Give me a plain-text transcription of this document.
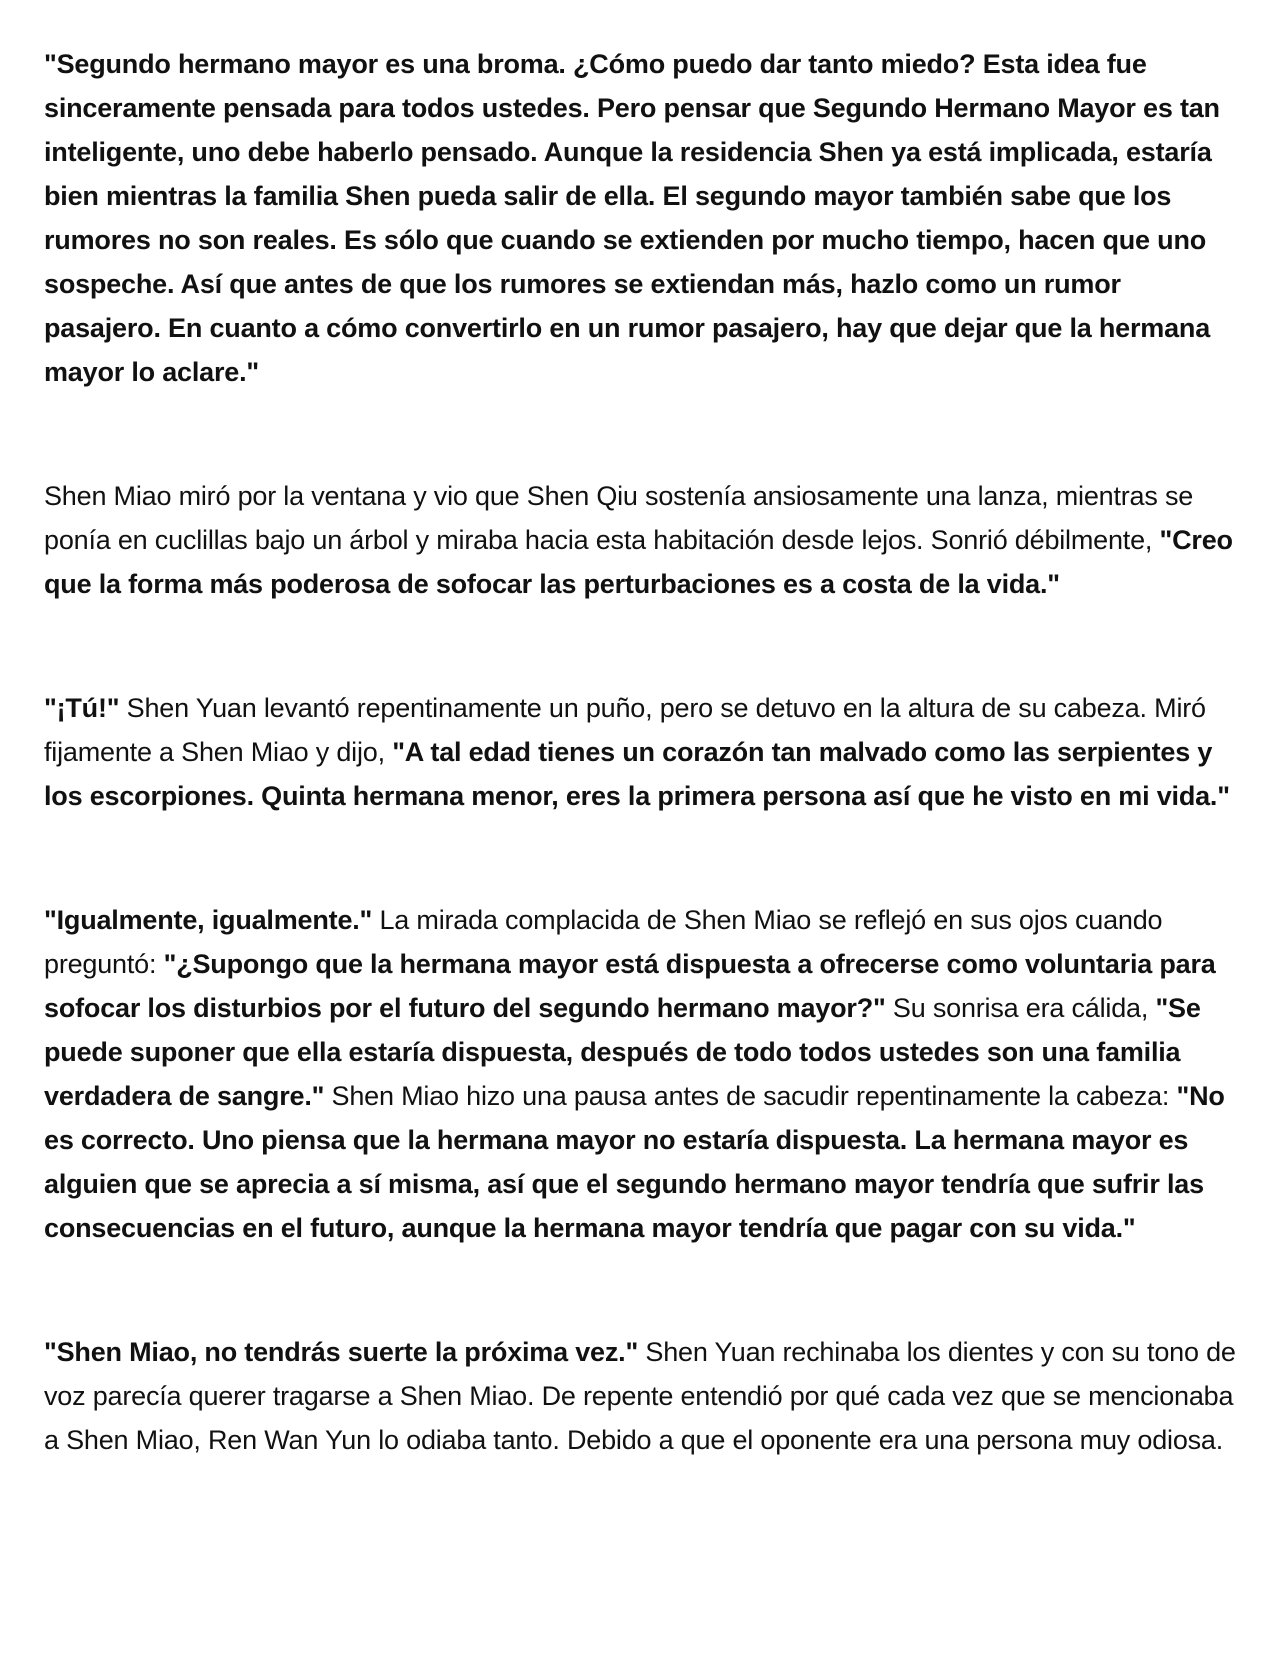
"Segundo hermano mayor es una broma. ¿Cómo puedo dar tanto miedo? Esta idea fue sinceramente pensada para todos ustedes. Pero pensar que Segundo Hermano Mayor es tan inteligente, uno debe haberlo pensado. Aunque la residencia Shen ya está implicada, estaría bien mientras la familia Shen pueda salir de ella. El segundo mayor también sabe que los rumores no son reales. Es sólo que cuando se extienden por mucho tiempo, hacen que uno sospeche. Así que antes de que los rumores se extiendan más, hazlo como un rumor pasajero. En cuanto a cómo convertirlo en un rumor pasajero, hay que dejar que la hermana mayor lo aclare."

Shen Miao miró por la ventana y vio que Shen Qiu sostenía ansiosamente una lanza, mientras se ponía en cuclillas bajo un árbol y miraba hacia esta habitación desde lejos. Sonrió débilmente, "Creo que la forma más poderosa de sofocar las perturbaciones es a costa de la vida."

"¡Tú!" Shen Yuan levantó repentinamente un puño, pero se detuvo en la altura de su cabeza. Miró fijamente a Shen Miao y dijo, "A tal edad tienes un corazón tan malvado como las serpientes y los escorpiones. Quinta hermana menor, eres la primera persona así que he visto en mi vida."

"Igualmente, igualmente." La mirada complacida de Shen Miao se reflejó en sus ojos cuando preguntó: "¿Supongo que la hermana mayor está dispuesta a ofrecerse como voluntaria para sofocar los disturbios por el futuro del segundo hermano mayor?" Su sonrisa era cálida, "Se puede suponer que ella estaría dispuesta, después de todo todos ustedes son una familia verdadera de sangre." Shen Miao hizo una pausa antes de sacudir repentinamente la cabeza: "No es correcto. Uno piensa que la hermana mayor no estaría dispuesta. La hermana mayor es alguien que se aprecia a sí misma, así que el segundo hermano mayor tendría que sufrir las consecuencias en el futuro, aunque la hermana mayor tendría que pagar con su vida."

"Shen Miao, no tendrás suerte la próxima vez." Shen Yuan rechinaba los dientes y con su tono de voz parecía querer tragarse a Shen Miao. De repente entendió por qué cada vez que se mencionaba a Shen Miao, Ren Wan Yun lo odiaba tanto. Debido a que el oponente era una persona muy odiosa.
